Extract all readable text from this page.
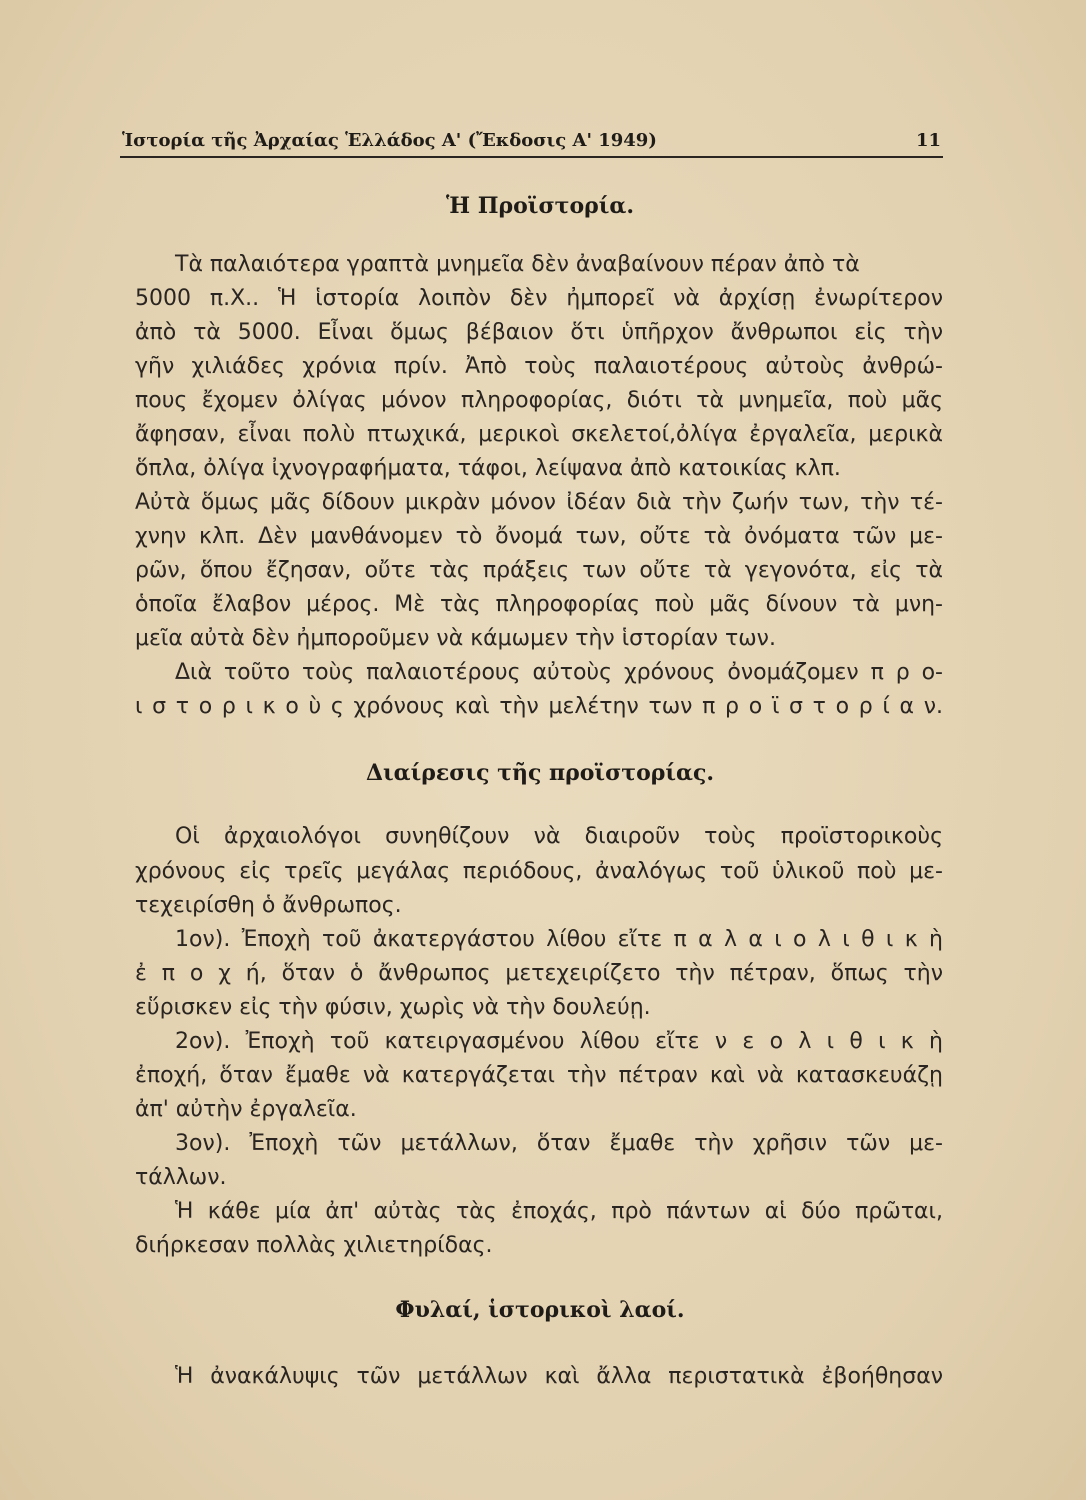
Ἱστορία τῆς Ἀρχαίας Ἑλλάδος Α' (Ἔκδοσις Α' 1949)	11
Ἡ Προϊστορία.
Τὰ παλαιότερα γραπτὰ μνημεῖα δὲν ἀναβαίνουν πέραν ἀπὸ τὰ
5000 π.Χ.. Ἡ ἱστορία λοιπὸν δὲν ἠμπορεῖ νὰ ἀρχίσῃ ἐνωρίτερον
ἀπὸ τὰ 5000. Εἶναι ὅμως βέβαιον ὅτι ὑπῆρχον ἄνθρωποι εἰς τὴν
γῆν χιλιάδες χρόνια πρίν. Ἀπὸ τοὺς παλαιοτέρους αὐτοὺς ἀνθρώ-
πους ἔχομεν ὀλίγας μόνον πληροφορίας, διότι τὰ μνημεῖα, ποὺ μᾶς
ἄφησαν, εἶναι πολὺ πτωχικά, μερικοὶ σκελετοί,ὀλίγα ἐργαλεῖα, μερικὰ
ὅπλα, ὀλίγα ἰχνογραφήματα, τάφοι, λείψανα ἀπὸ κατοικίας κλπ.
Αὐτὰ ὅμως μᾶς δίδουν μικρὰν μόνον ἰδέαν διὰ τὴν ζωήν των, τὴν τέ-
χνην κλπ. Δὲν μανθάνομεν τὸ ὄνομά των, οὔτε τὰ ὀνόματα τῶν με-
ρῶν, ὅπου ἔζησαν, οὔτε τὰς πράξεις των οὔτε τὰ γεγονότα, εἰς τὰ
ὁποῖα ἔλαβον μέρος. Μὲ τὰς πληροφορίας ποὺ μᾶς δίνουν τὰ μνη-
μεῖα αὐτὰ δὲν ἠμποροῦμεν νὰ κάμωμεν τὴν ἱστορίαν των.
Διὰ τοῦτο τοὺς παλαιοτέρους αὐτοὺς χρόνους ὀνομάζομεν π ρ ο-
ι σ τ ο ρ ι κ ο ὺ ς χρόνους καὶ τὴν μελέτην των π ρ ο ϊ σ τ ο ρ ί α ν.
Διαίρεσις τῆς προϊστορίας.
Οἱ ἀρχαιολόγοι συνηθίζουν νὰ διαιροῦν τοὺς προϊστορικοὺς
χρόνους εἰς τρεῖς μεγάλας περιόδους, ἀναλόγως τοῦ ὑλικοῦ ποὺ με-
τεχειρίσθη ὁ ἄνθρωπος.
1ον). Ἐποχὴ τοῦ ἀκατεργάστου λίθου εἴτε π α λ α ι ο λ ι θ ι κ ὴ
ἐ π ο χ ή, ὅταν ὁ ἄνθρωπος μετεχειρίζετο τὴν πέτραν, ὅπως τὴν
εὕρισκεν εἰς τὴν φύσιν, χωρὶς νὰ τὴν δουλεύῃ.
2ον). Ἐποχὴ τοῦ κατειργασμένου λίθου εἴτε ν ε ο λ ι θ ι κ ὴ
ἐποχή, ὅταν ἔμαθε νὰ κατεργάζεται τὴν πέτραν καὶ νὰ κατασκευάζῃ
ἀπ' αὐτὴν ἐργαλεῖα.
3ον). Ἐποχὴ τῶν μετάλλων, ὅταν ἔμαθε τὴν χρῆσιν τῶν με-
τάλλων.
Ἡ κάθε μία ἀπ' αὐτὰς τὰς ἐποχάς, πρὸ πάντων αἱ δύο πρῶται,
διήρκεσαν πολλὰς χιλιετηρίδας.
Φυλαί, ἱστορικοὶ λαοί.
Ἡ ἀνακάλυψις τῶν μετάλλων καὶ ἄλλα περιστατικὰ ἐβοήθησαν
